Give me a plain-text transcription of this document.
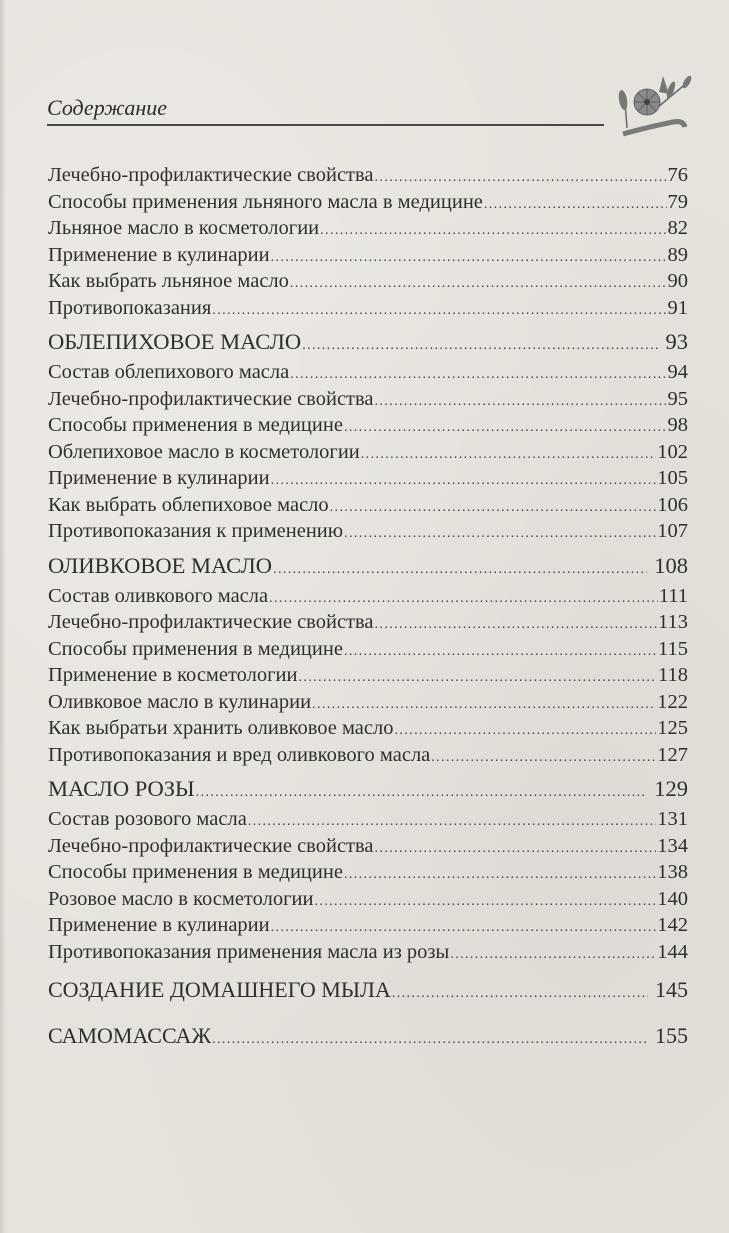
Содержание
Лечебно-профилактические свойства .....	76
Способы применения льняного масла в медицине .....	79
Льняное масло в косметологии .....	82
Применение в кулинарии .....	89
Как выбрать льняное масло .....	90
Противопоказания .....	91
ОБЛЕПИХОВОЕ МАСЛО .....	93
Состав облепихового масла .....	94
Лечебно-профилактические свойства .....	95
Способы применения в медицине .....	98
Облепиховое масло в косметологии .....	102
Применение в кулинарии .....	105
Как выбрать облепиховое масло .....	106
Противопоказания к применению .....	107
ОЛИВКОВОЕ МАСЛО .....	108
Состав оливкового масла .....	111
Лечебно-профилактические свойства .....	113
Способы применения в медицине .....	115
Применение в косметологии .....	118
Оливковое масло в кулинарии .....	122
Как выбратьи хранить оливковое масло .....	125
Противопоказания и вред оливкового масла .....	127
МАСЛО РОЗЫ .....	129
Состав розового масла .....	131
Лечебно-профилактические свойства .....	134
Способы применения в медицине .....	138
Розовое масло в косметологии .....	140
Применение в кулинарии .....	142
Противопоказания применения масла из розы .....	144
СОЗДАНИЕ ДОМАШНЕГО МЫЛА .....	145
САМОМАССАЖ .....	155
